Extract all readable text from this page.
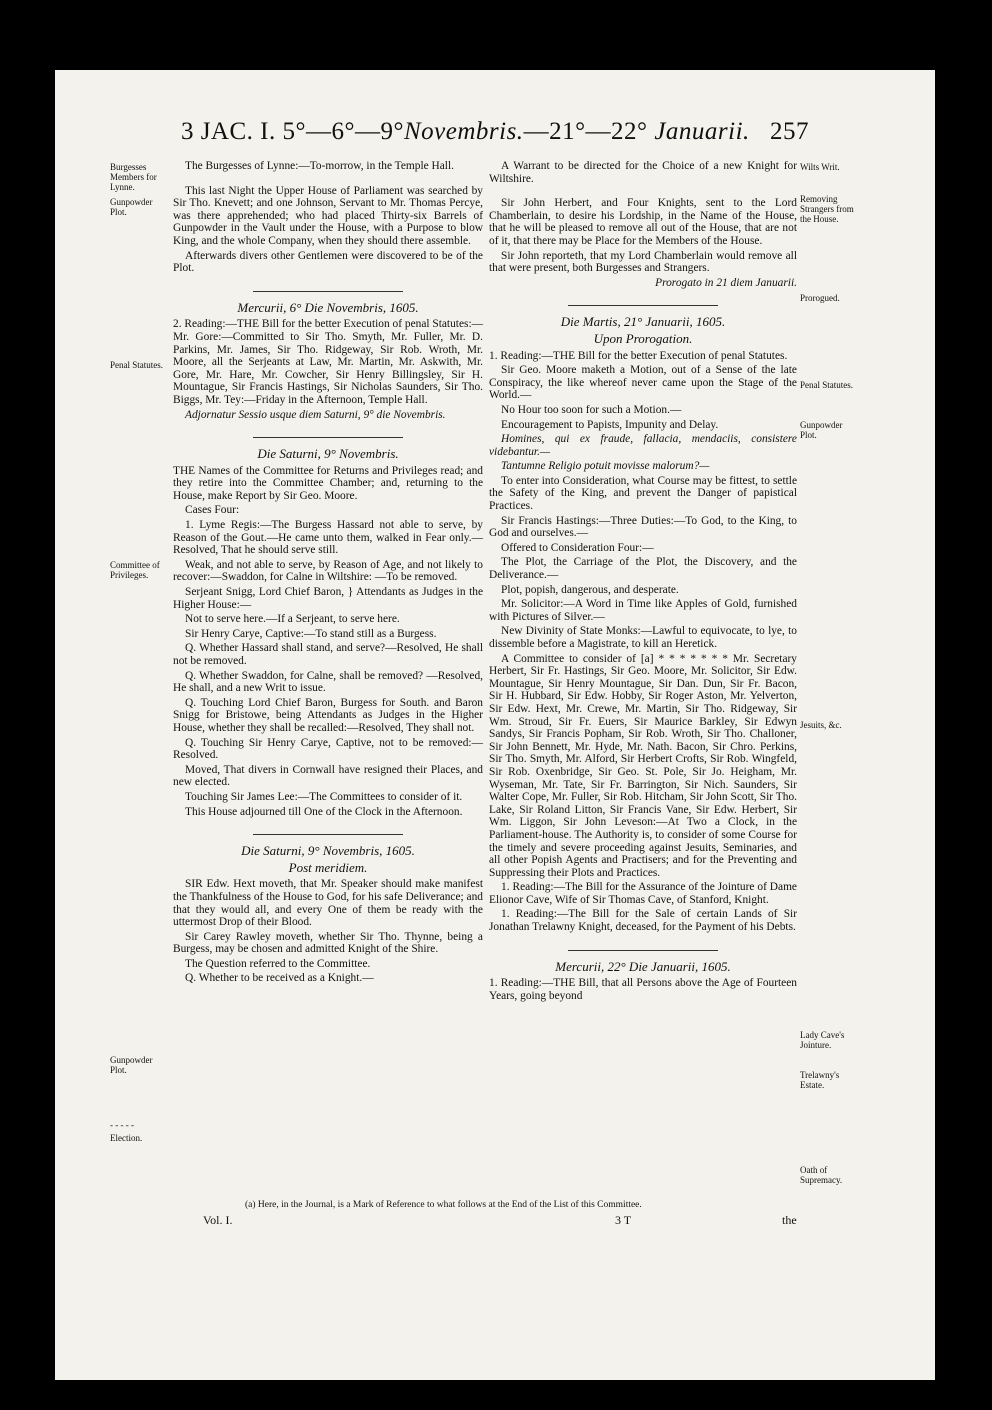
3 JAC. I. 5°—6°—9°Novembris.—21°—22° Januarii. 257
Burgesses Members for Lynne.
Gunpowder Plot.
Penal Statutes.
Committee of Privileges.
Gunpowder Plot.
- - - - -
Election.
Wilts Writ.
Removing Strangers from the House.
Prorogued.
Penal Statutes.
Gunpowder Plot.
Jesuits, &c.
Lady Cave's Jointure.
Trelawny's Estate.
Oath of Supremacy.

The Burgesses of Lynne:—To-morrow, in the Temple Hall.

This last Night the Upper House of Parliament was searched by Sir Tho. Knevett; and one Johnson, Servant to Mr. Thomas Percye, was there apprehended; who had placed Thirty-six Barrels of Gunpowder in the Vault under the House, with a Purpose to blow King, and the whole Company, when they should there assemble.

Afterwards divers other Gentlemen were discovered to be of the Plot.

Mercurii, 6° Die Novembris, 1605.

2. Reading:—THE Bill for the better Execution of penal Statutes:—Mr. Gore:—Committed to Sir Tho. Smyth, Mr. Fuller, Mr. D. Parkins, Mr. James, Sir Tho. Ridgeway, Sir Rob. Wroth, Mr. Moore, all the Serjeants at Law, Mr. Martin, Mr. Askwith, Mr. Gore, Mr. Hare, Mr. Cowcher, Sir Henry Billingsley, Sir H. Mountague, Sir Francis Hastings, Sir Nicholas Saunders, Sir Tho. Biggs, Mr. Tey:—Friday in the Afternoon, Temple Hall.

Adjornatur Sessio usque diem Saturni, 9° die Novembris.

Die Saturni, 9° Novembris.

THE Names of the Committee for Returns and Privileges read; and they retire into the Committee Chamber; and, returning to the House, make Report by Sir Geo. Moore.

Cases Four:

1. Lyme Regis:—The Burgess Hassard not able to serve, by Reason of the Gout.—He came unto them, walked in Fear only.—Resolved, That he should serve still.

Weak, and not able to serve, by Reason of Age, and not likely to recover:—Swaddon, for Calne in Wiltshire: —To be removed.

Serjeant Snigg, Lord Chief Baron, } Attendants as Judges in the Higher House:—

Not to serve here.—If a Serjeant, to serve here.

Sir Henry Carye, Captive:—To stand still as a Burgess.

Q. Whether Hassard shall stand, and serve?—Resolved, He shall not be removed.

Q. Whether Swaddon, for Calne, shall be removed? —Resolved, He shall, and a new Writ to issue.

Q. Touching Lord Chief Baron, Burgess for South. and Baron Snigg for Bristowe, being Attendants as Judges in the Higher House, whether they shall be recalled:—Resolved, They shall not.

Q. Touching Sir Henry Carye, Captive, not to be removed:—Resolved.

Moved, That divers in Cornwall have resigned their Places, and new elected.

Touching Sir James Lee:—The Committees to consider of it.

This House adjourned till One of the Clock in the Afternoon.

Die Saturni, 9° Novembris, 1605.
Post meridiem.

SIR Edw. Hext moveth, that Mr. Speaker should make manifest the Thankfulness of the House to God, for his safe Deliverance; and that they would all, and every One of them be ready with the uttermost Drop of their Blood.

Sir Carey Rawley moveth, whether Sir Tho. Thynne, being a Burgess, may be chosen and admitted Knight of the Shire.

The Question referred to the Committee.

Q. Whether to be received as a Knight.—

A Warrant to be directed for the Choice of a new Knight for Wiltshire.

Sir John Herbert, and Four Knights, sent to the Lord Chamberlain, to desire his Lordship, in the Name of the House, that he will be pleased to remove all out of the House, that are not of it, that there may be Place for the Members of the House.

Sir John reporteth, that my Lord Chamberlain would remove all that were present, both Burgesses and Strangers.

Prorogato in 21 diem Januarii.

Die Martis, 21° Januarii, 1605.
Upon Prorogation.

1. Reading:—THE Bill for the better Execution of penal Statutes.

Sir Geo. Moore maketh a Motion, out of a Sense of the late Conspiracy, the like whereof never came upon the Stage of the World.—

No Hour too soon for such a Motion.—

Encouragement to Papists, Impunity and Delay.

Homines, qui ex fraude, fallacia, mendaciis, consistere videbantur.—

Tantumne Religio potuit movisse malorum?—

To enter into Consideration, what Course may be fittest, to settle the Safety of the King, and prevent the Danger of papistical Practices.

Sir Francis Hastings:—Three Duties:—To God, to the King, to God and ourselves.—

Offered to Consideration Four:—

The Plot, the Carriage of the Plot, the Discovery, and the Deliverance.—

Plot, popish, dangerous, and desperate.

Mr. Solicitor:—A Word in Time like Apples of Gold, furnished with Pictures of Silver.—

New Divinity of State Monks:—Lawful to equivocate, to lye, to dissemble before a Magistrate, to kill an Heretick.

A Committee to consider of [a] * * * * * * * Mr. Secretary Herbert, Sir Fr. Hastings, Sir Geo. Moore, Mr. Solicitor, Sir Edw. Mountague, Sir Henry Mountague, Sir Dan. Dun, Sir Fr. Bacon, Sir H. Hubbard, Sir Edw. Hobby, Sir Roger Aston, Mr. Yelverton, Sir Edw. Hext, Mr. Crewe, Mr. Martin, Sir Tho. Ridgeway, Sir Wm. Stroud, Sir Fr. Euers, Sir Maurice Barkley, Sir Edwyn Sandys, Sir Francis Popham, Sir Rob. Wroth, Sir Tho. Challoner, Sir John Bennett, Mr. Hyde, Mr. Nath. Bacon, Sir Chro. Perkins, Sir Tho. Smyth, Mr. Alford, Sir Herbert Crofts, Sir Rob. Wingfeld, Sir Rob. Oxenbridge, Sir Geo. St. Pole, Sir Jo. Heigham, Mr. Wyseman, Mr. Tate, Sir Fr. Barrington, Sir Nich. Saunders, Sir Walter Cope, Mr. Fuller, Sir Rob. Hitcham, Sir John Scott, Sir Tho. Lake, Sir Roland Litton, Sir Francis Vane, Sir Edw. Herbert, Sir Wm. Liggon, Sir John Leveson:—At Two a Clock, in the Parliament-house. The Authority is, to consider of some Course for the timely and severe proceeding against Jesuits, Seminaries, and all other Popish Agents and Practisers; and for the Preventing and Suppressing their Plots and Practices.

1. Reading:—The Bill for the Assurance of the Jointure of Dame Elionor Cave, Wife of Sir Thomas Cave, of Stanford, Knight.

1. Reading:—The Bill for the Sale of certain Lands of Sir Jonathan Trelawny Knight, deceased, for the Payment of his Debts.

Mercurii, 22° Die Januarii, 1605.

1. Reading:—THE Bill, that all Persons above the Age of Fourteen Years, going beyond

(a) Here, in the Journal, is a Mark of Reference to what follows at the End of the List of this Committee.
Vol. I.	3 T	the
